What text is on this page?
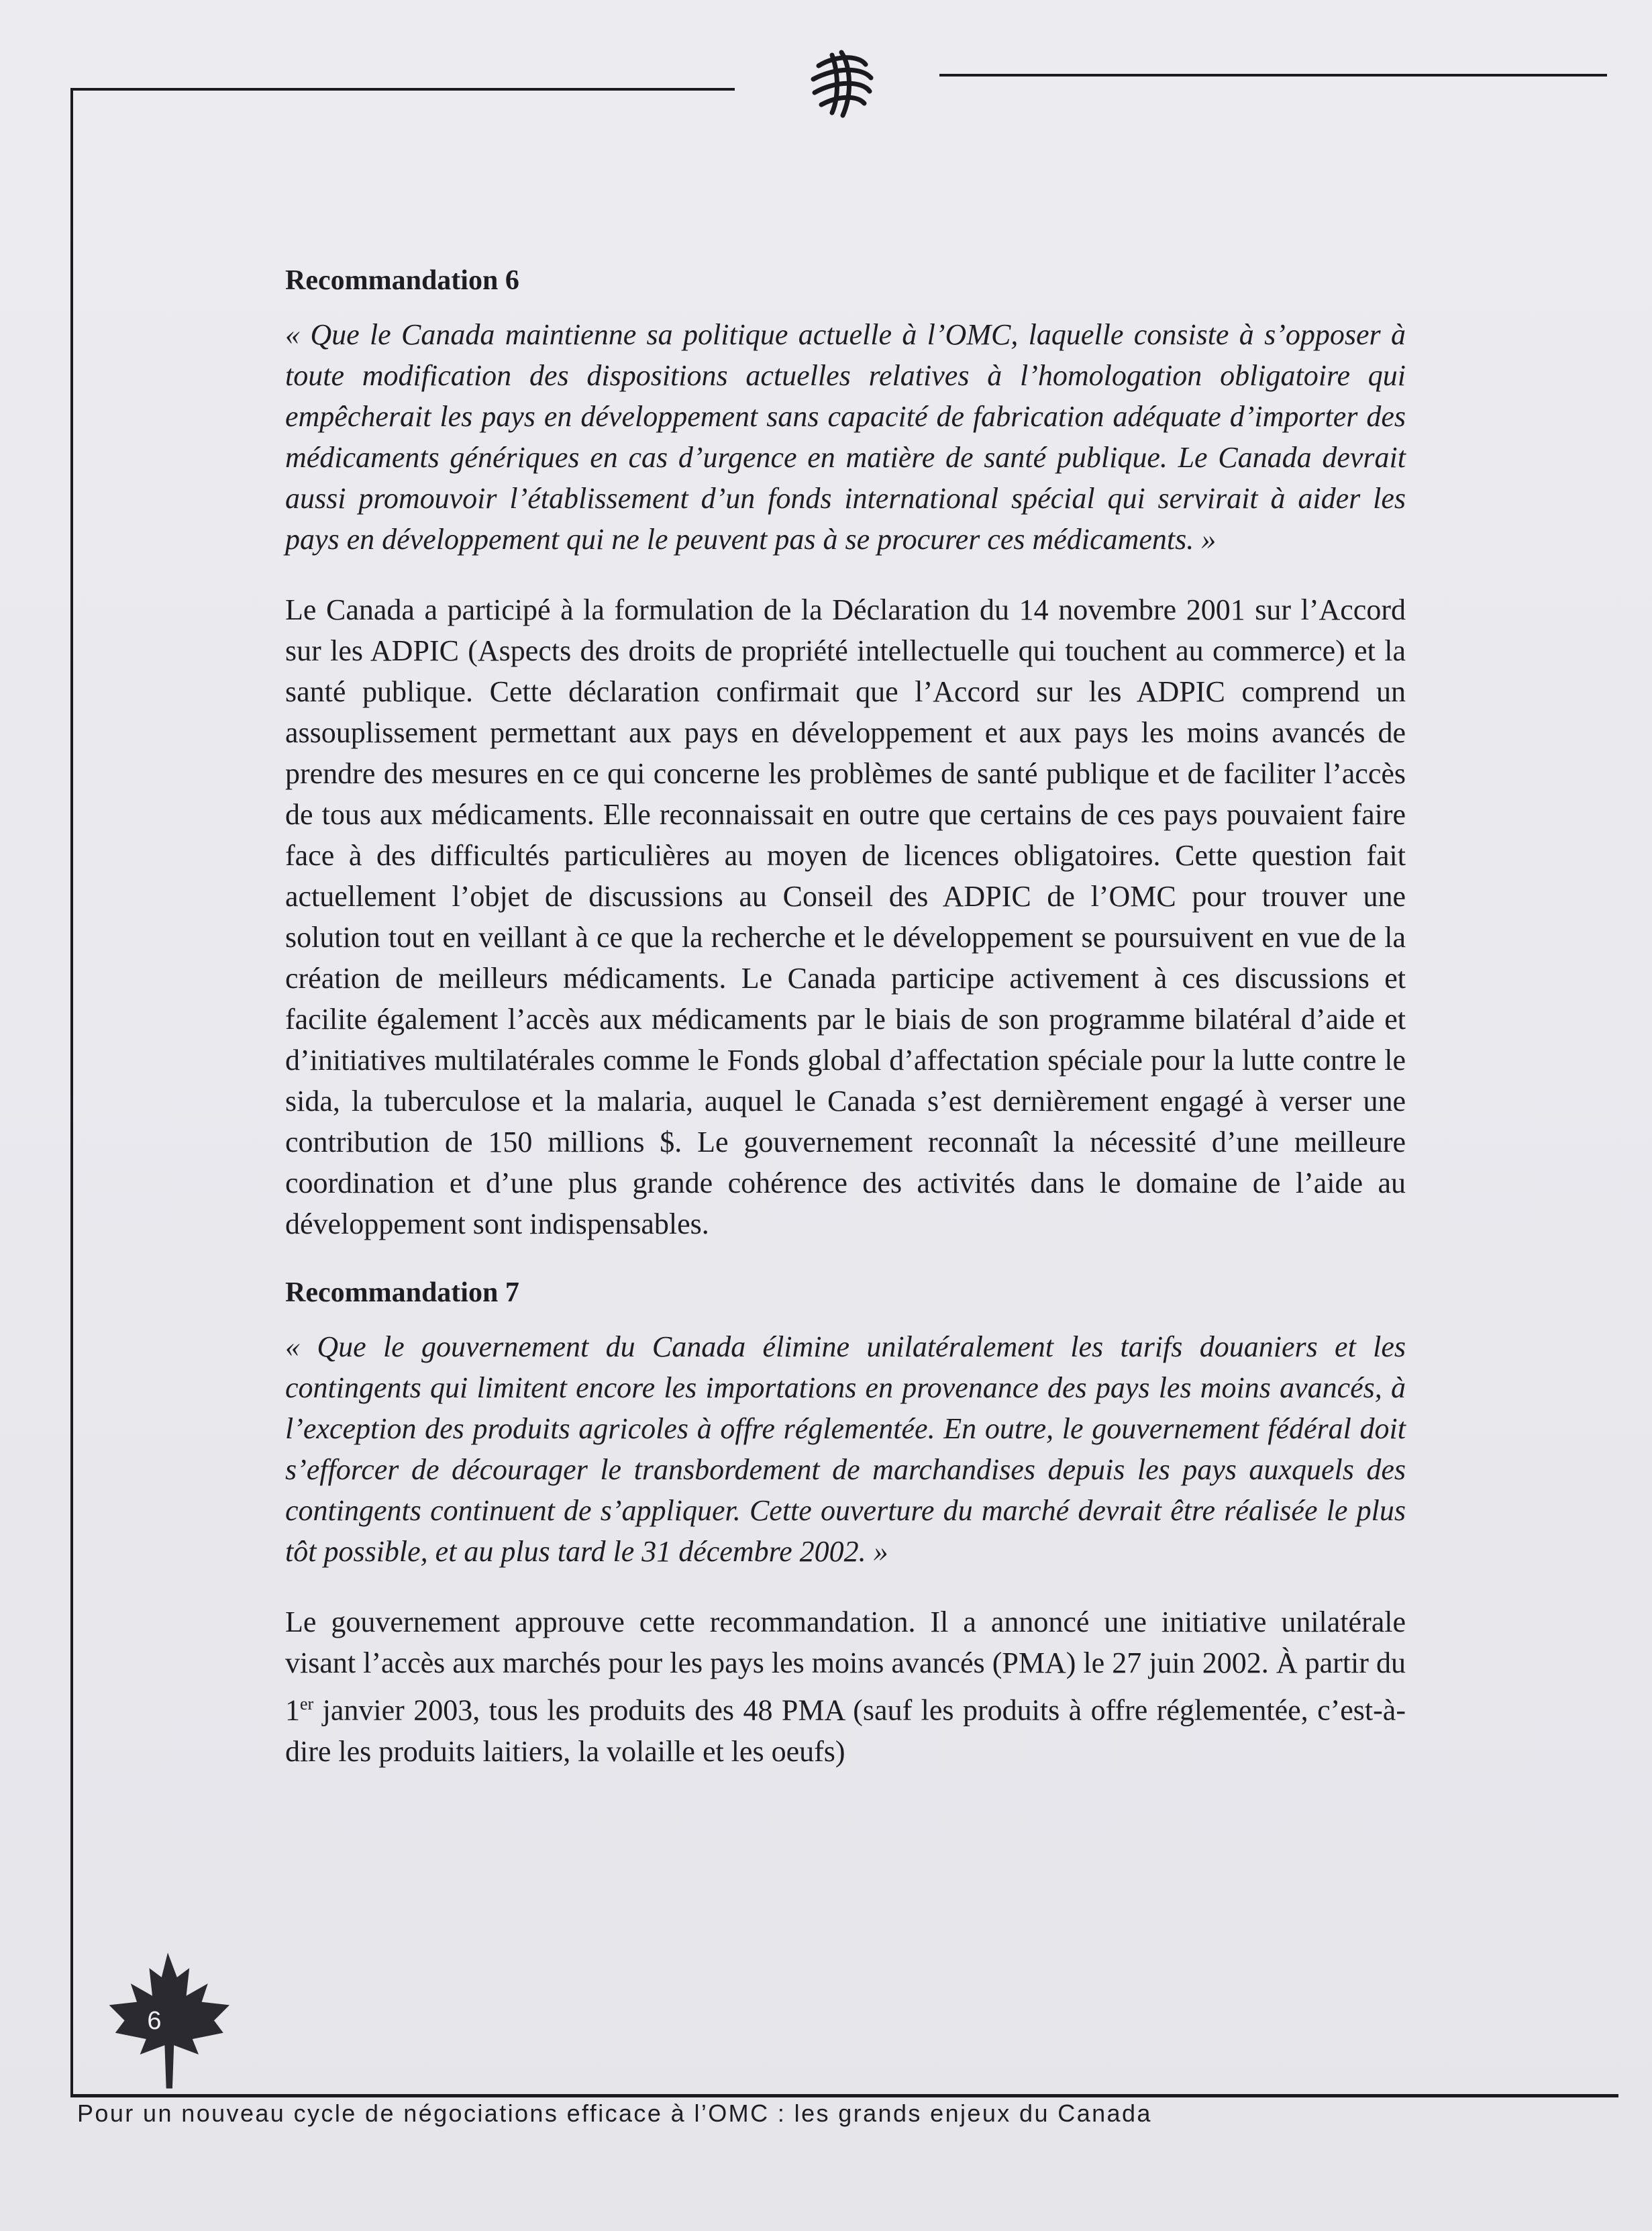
Recommandation 6

« Que le Canada maintienne sa politique actuelle à l’OMC, laquelle consiste à s’opposer à toute modification des dispositions actuelles relatives à l’homologation obligatoire qui empêcherait les pays en développement sans capacité de fabrication adéquate d’importer des médicaments génériques en cas d’urgence en matière de santé publique. Le Canada devrait aussi promouvoir l’établissement d’un fonds international spécial qui servirait à aider les pays en développement qui ne le peuvent pas à se procurer ces médicaments. »

Le Canada a participé à la formulation de la Déclaration du 14 novembre 2001 sur l’Accord sur les ADPIC (Aspects des droits de propriété intellectuelle qui touchent au commerce) et la santé publique. Cette déclaration confirmait que l’Accord sur les ADPIC comprend un assouplissement permettant aux pays en développement et aux pays les moins avancés de prendre des mesures en ce qui concerne les problèmes de santé publique et de faciliter l’accès de tous aux médicaments. Elle reconnaissait en outre que certains de ces pays pouvaient faire face à des difficultés particulières au moyen de licences obligatoires. Cette question fait actuellement l’objet de discussions au Conseil des ADPIC de l’OMC pour trouver une solution tout en veillant à ce que la recherche et le développement se poursuivent en vue de la création de meilleurs médicaments. Le Canada participe activement à ces discussions et facilite également l’accès aux médicaments par le biais de son programme bilatéral d’aide et d’initiatives multilatérales comme le Fonds global d’affectation spéciale pour la lutte contre le sida, la tuberculose et la malaria, auquel le Canada s’est dernièrement engagé à verser une contribution de 150 millions $. Le gouvernement reconnaît la nécessité d’une meilleure coordination et d’une plus grande cohérence des activités dans le domaine de l’aide au développement sont indispensables.

Recommandation 7

« Que le gouvernement du Canada élimine unilatéralement les tarifs douaniers et les contingents qui limitent encore les importations en provenance des pays les moins avancés, à l’exception des produits agricoles à offre réglementée. En outre, le gouvernement fédéral doit s’efforcer de décourager le transbordement de marchandises depuis les pays auxquels des contingents continuent de s’appliquer. Cette ouverture du marché devrait être réalisée le plus tôt possible, et au plus tard le 31 décembre 2002. »

Le gouvernement approuve cette recommandation. Il a annoncé une initiative unilatérale visant l’accès aux marchés pour les pays les moins avancés (PMA) le 27 juin 2002. À partir du 1er janvier 2003, tous les produits des 48 PMA (sauf les produits à offre réglementée, c’est-à-dire les produits laitiers, la volaille et les oeufs)

6
Pour un nouveau cycle de négociations efficace à l’OMC : les grands enjeux du Canada
